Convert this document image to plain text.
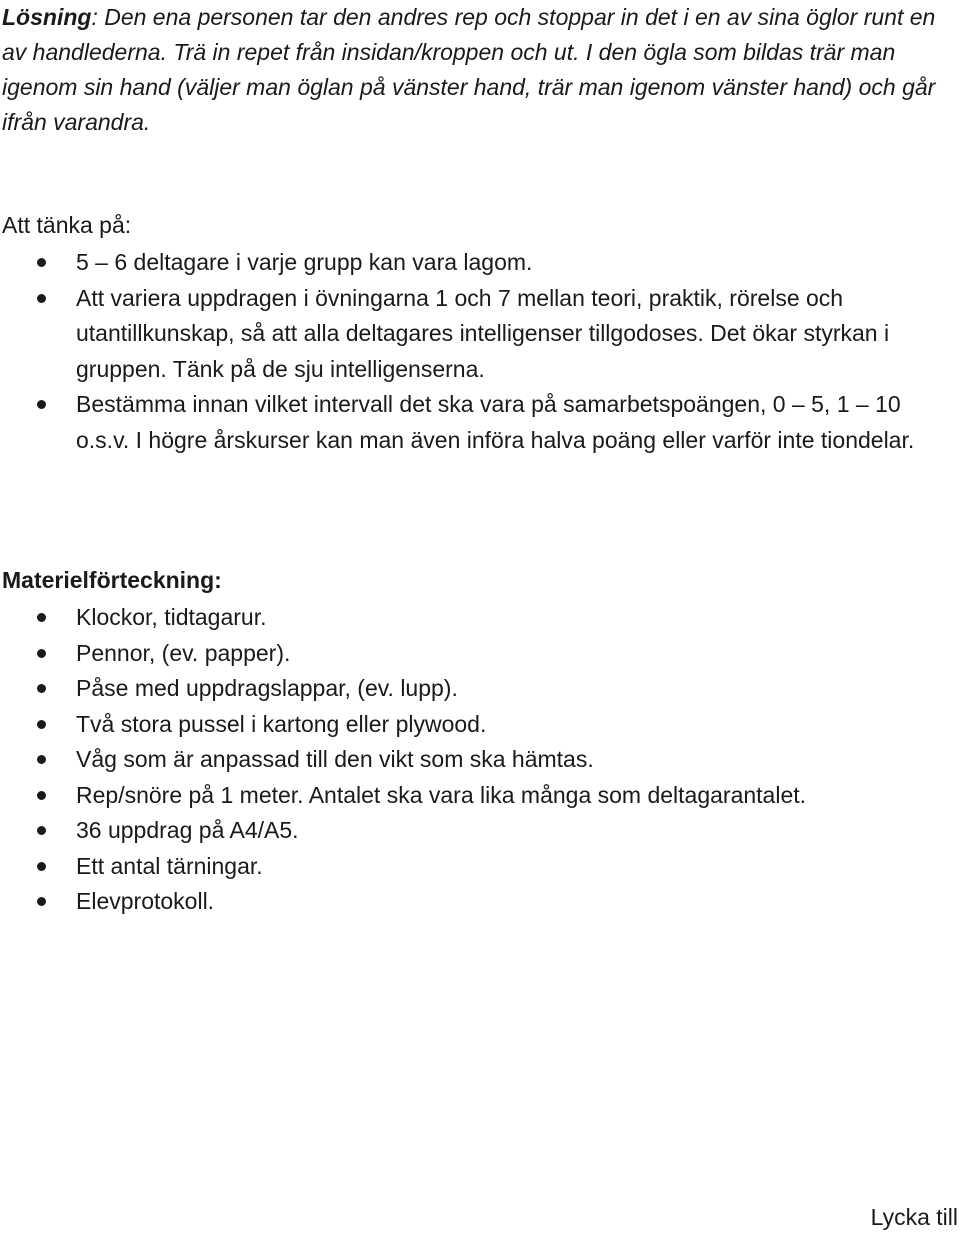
Lösning: Den ena personen tar den andres rep och stoppar in det i en av sina öglor runt en av handlederna. Trä in repet från insidan/kroppen och ut. I den ögla som bildas trär man igenom sin hand (väljer man öglan på vänster hand, trär man igenom vänster hand) och går ifrån varandra.

Att tänka på:

5 – 6 deltagare i varje grupp kan vara lagom.
Att variera uppdragen i övningarna 1 och 7 mellan teori, praktik, rörelse och utantillkunskap, så att alla deltagares intelligenser tillgodoses. Det ökar styrkan i gruppen. Tänk på de sju intelligenserna.
Bestämma innan vilket intervall det ska vara på samarbetspoängen, 0 – 5, 1 – 10 o.s.v. I högre årskurser kan man även införa halva poäng eller varför inte tiondelar.

Materielförteckning:

Klockor, tidtagarur.
Pennor, (ev. papper).
Påse med uppdragslappar, (ev. lupp).
Två stora pussel i kartong eller plywood.
Våg som är anpassad till den vikt som ska hämtas.
Rep/snöre på 1 meter. Antalet ska vara lika många som deltagarantalet.
36 uppdrag på A4/A5.
Ett antal tärningar.
Elevprotokoll.

Lycka till
